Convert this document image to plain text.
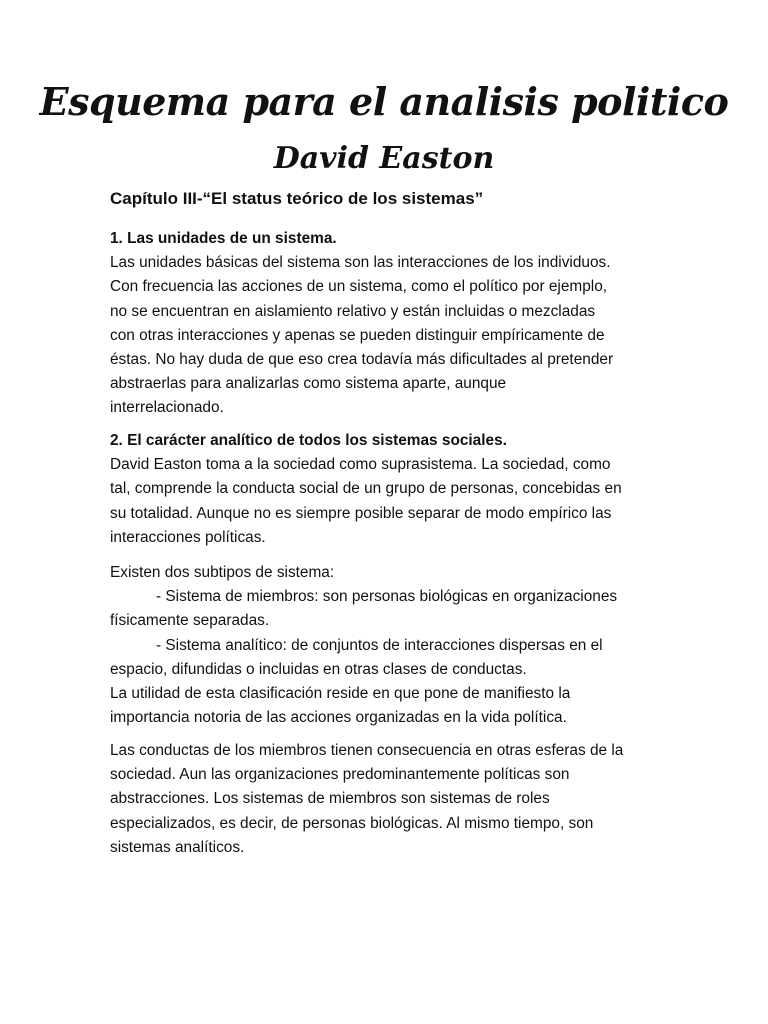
Esquema para el analisis politico
David Easton
Capítulo III-“El status teórico de los sistemas”
1. Las unidades de un sistema.
Las unidades básicas del sistema son las interacciones de los individuos.
Con frecuencia las acciones de un sistema, como el político por ejemplo,
no se encuentran en aislamiento relativo y están incluidas o mezcladas
con otras interacciones y apenas se pueden distinguir empíricamente de
éstas. No hay duda de que eso crea todavía más dificultades al pretender
abstraerlas para analizarlas como sistema aparte, aunque
interrelacionado.
2. El carácter analítico de todos los sistemas sociales.
David Easton toma a la sociedad como suprasistema. La sociedad, como
tal, comprende la conducta social de un grupo de personas, concebidas en
su totalidad. Aunque no es siempre posible separar de modo empírico las
interacciones políticas.
Existen dos subtipos de sistema:
- Sistema de miembros: son personas biológicas en organizaciones
físicamente separadas.
- Sistema analítico: de conjuntos de interacciones dispersas en el
espacio, difundidas o incluidas en otras clases de conductas.
La utilidad de esta clasificación reside en que pone de manifiesto la
importancia notoria de las acciones organizadas en la vida política.
Las conductas de los miembros tienen consecuencia en otras esferas de la
sociedad. Aun las organizaciones predominantemente políticas son
abstracciones. Los sistemas de miembros son sistemas de roles
especializados, es decir, de personas biológicas. Al mismo tiempo, son
sistemas analíticos.
